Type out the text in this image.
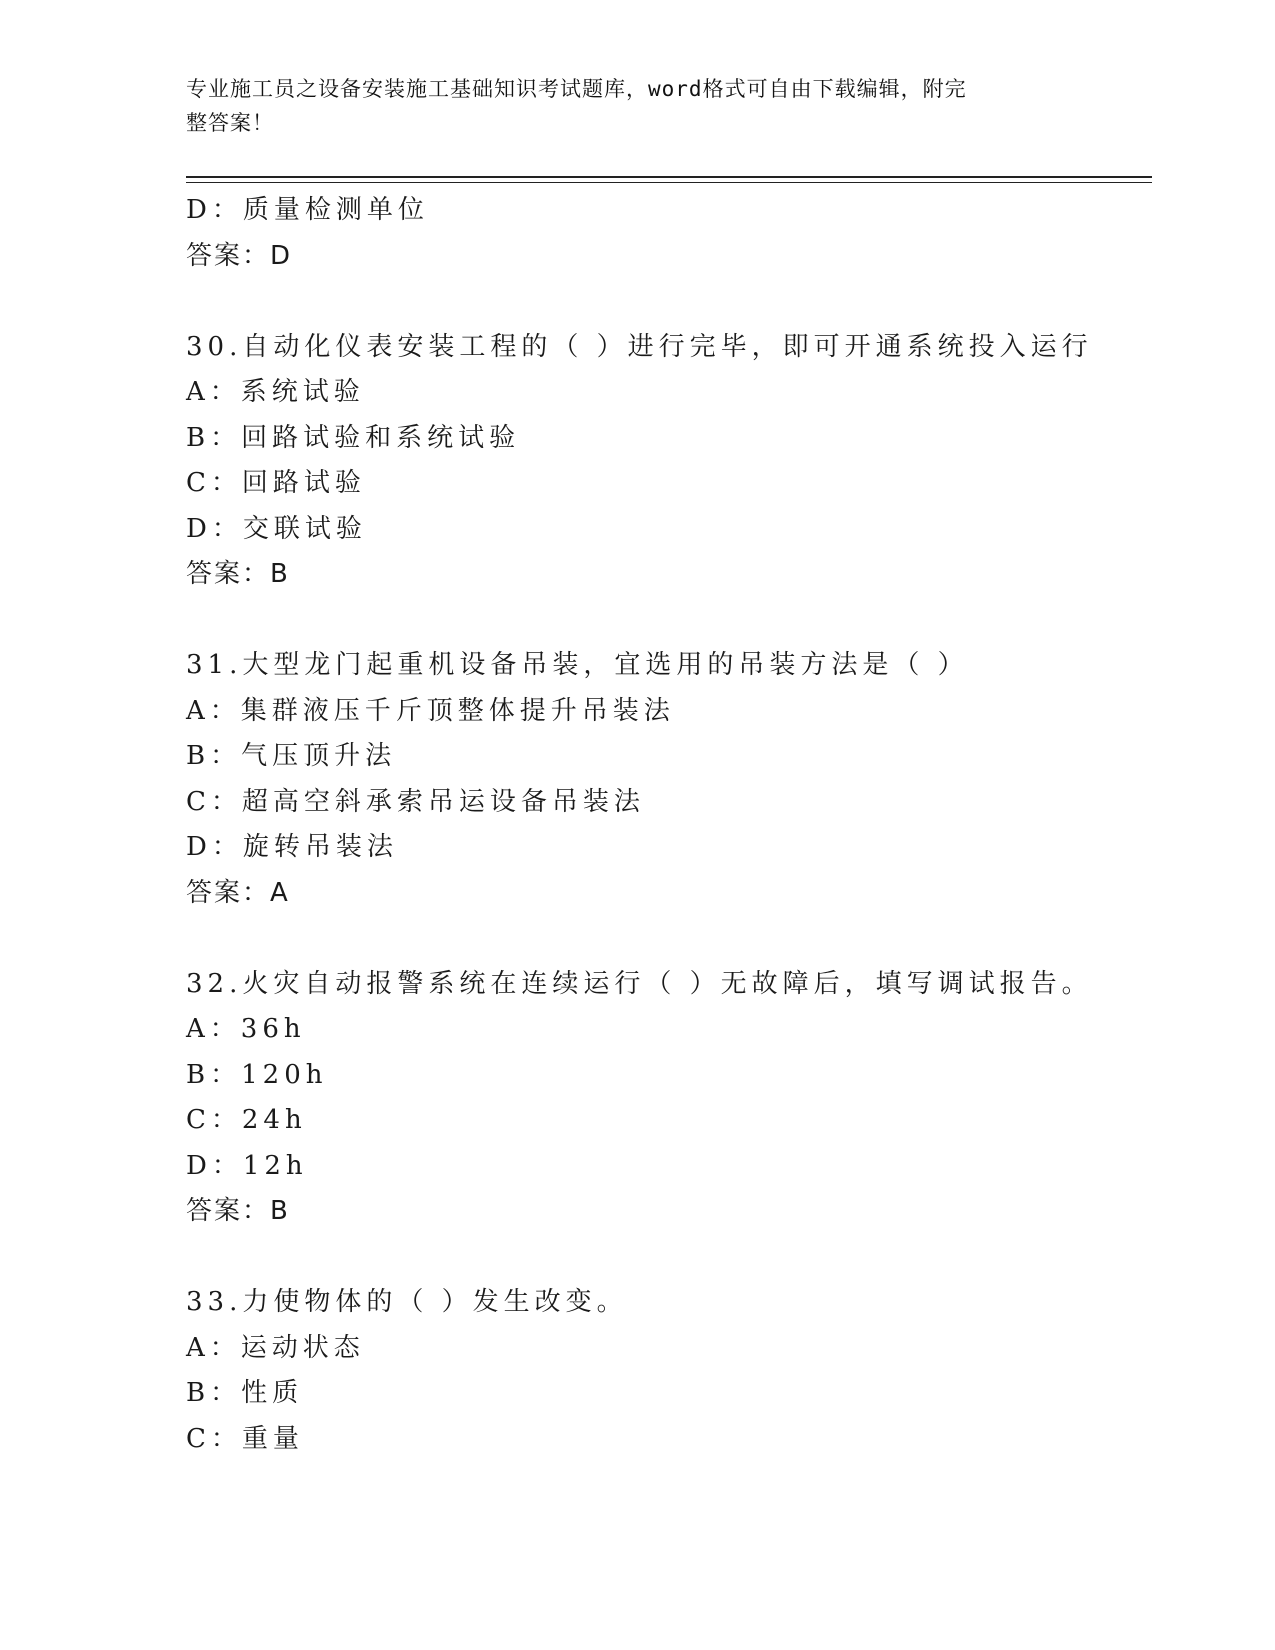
专业施工员之设备安装施工基础知识考试题库，word格式可自由下载编辑，附完
整答案！
D：质量检测单位
答案：D
30.自动化仪表安装工程的（ ）进行完毕，即可开通系统投入运行
A：系统试验
B：回路试验和系统试验
C：回路试验
D：交联试验
答案：B
31.大型龙门起重机设备吊装，宜选用的吊装方法是（ ）
A：集群液压千斤顶整体提升吊装法
B：气压顶升法
C：超高空斜承索吊运设备吊装法
D：旋转吊装法
答案：A
32.火灾自动报警系统在连续运行（ ）无故障后，填写调试报告。
A：36h
B：120h
C：24h
D：12h
答案：B
33.力使物体的（ ）发生改变。
A：运动状态
B：性质
C：重量
